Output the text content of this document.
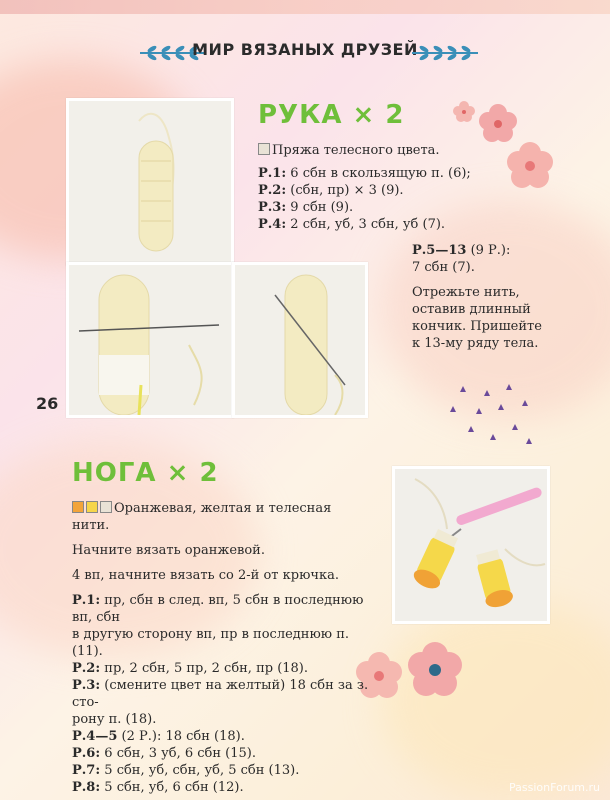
МИР ВЯЗАНЫХ ДРУЗЕЙ
26
РУКА × 2
Пряжа телесного цвета.
Р.1: 6 сбн в скользящую п. (6);
Р.2: (сбн, пр) × 3 (9).
Р.3: 9 сбн (9).
Р.4: 2 сбн, уб, 3 сбн, уб (7).
Р.5—13 (9 Р.):
7 сбн (7).
Отрежьте нить,
оставив длинный
кончик. Пришейте
к 13-му ряду тела.
НОГА × 2
Оранжевая, желтая и телесная нити.
Начните вязать оранжевой.
4 вп, начните вязать со 2-й от крючка.
Р.1: пр, сбн в след. вп, 5 сбн в последнюю вп, сбн
в другую сторону вп, пр в последнюю п. (11).
Р.2: пр, 2 сбн, 5 пр, 2 сбн, пр (18).
Р.3: (смените цвет на желтый) 18 сбн за з. сто-
рону п. (18).
Р.4—5 (2 Р.): 18 сбн (18).
Р.6: 6 сбн, 3 уб, 6 сбн (15).
Р.7: 5 сбн, уб, сбн, уб, 5 сбн (13).
Р.8: 5 сбн, уб, 6 сбн (12).	PassionForum.ru
